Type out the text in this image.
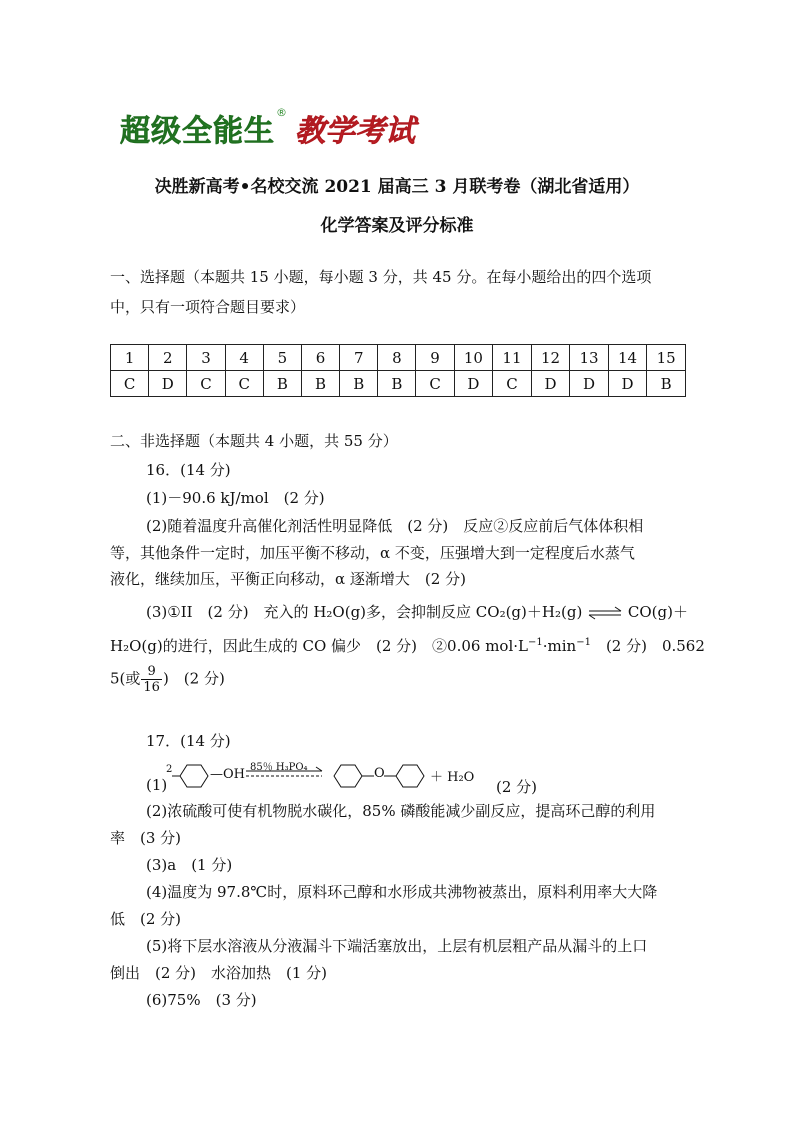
超级全能生®教学考试
决胜新高考•名校交流 2021 届高三 3 月联考卷（湖北省适用）
化学答案及评分标准
一、选择题（本题共 15 小题，每小题 3 分，共 45 分。在每小题给出的四个选项
中，只有一项符合题目要求）
1	2	3	4	5	6	7	8	9	10	11	12	13	14	15
C	D	C	C	B	B	B	B	C	D	C	D	D	D	B
二、非选择题（本题共 4 小题，共 55 分）
16．(14 分)
(1)－90.6 kJ/mol　(2 分)
(2)随着温度升高催化剂活性明显降低　(2 分)　反应②反应前后气体体积相
等，其他条件一定时，加压平衡不移动，α 不变，压强增大到一定程度后水蒸气
液化，继续加压，平衡正向移动，α 逐渐增大　(2 分)
(3)①II　(2 分)　充入的 H₂O(g)多，会抑制反应 CO₂(g)＋H₂(g) ⇌ CO(g)＋
H₂O(g)的进行，因此生成的 CO 偏少　(2 分)　②0.06 $mol\cdot L^{-1}\cdot\min^{-1}$　(2 分)　0.562
5(或 $\frac{9}{16}$ )　(2 分)
17．(14 分)
(1)
2	—OH 85％ H₃PO₄	O	＋ H₂O
(2 分)
(2)浓硫酸可使有机物脱水碳化，85% 磷酸能减少副反应，提高环己醇的利用
率　(3 分)
(3)a　(1 分)
(4)温度为 97.8℃时，原料环己醇和水形成共沸物被蒸出，原料利用率大大降
低　(2 分)
(5)将下层水溶液从分液漏斗下端活塞放出，上层有机层粗产品从漏斗的上口
倒出　(2 分)　水浴加热　(1 分)
(6)75%　(3 分)
